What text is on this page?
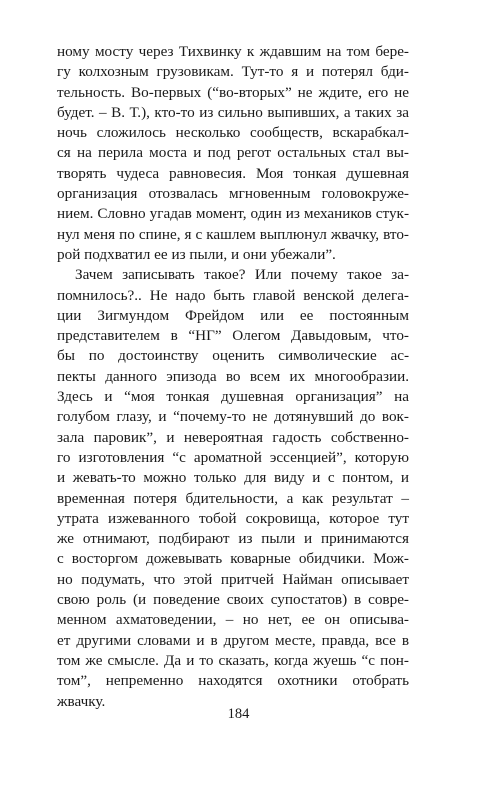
ному мосту через Тихвинку к ждавшим на том бере-
гу колхозным грузовикам. Тут-то я и потерял бди-
тельность. Во-первых (“во-вторых” не ждите, его не
будет. – В. Т.), кто-то из сильно выпивших, а таких за
ночь сложилось несколько сообществ, вскарабкал-
ся на перила моста и под регот остальных стал вы-
творять чудеса равновесия. Моя тонкая душевная
организация отозвалась мгновенным головокруже-
нием. Словно угадав момент, один из механиков стук-
нул меня по спине, я с кашлем выплюнул жвачку, вто-
рой подхватил ее из пыли, и они убежали”.
Зачем записывать такое? Или почему такое за-
помнилось?.. Не надо быть главой венской делега-
ции Зигмундом Фрейдом или ее постоянным
представителем в “НГ” Олегом Давыдовым, что-
бы по достоинству оценить символические ас-
пекты данного эпизода во всем их многообразии.
Здесь и “моя тонкая душевная организация” на
голубом глазу, и “почему-то не дотянувший до вок-
зала паровик”, и невероятная гадость собственно-
го изготовления “с ароматной эссенцией”, которую
и жевать-то можно только для виду и с понтом, и
временная потеря бдительности, а как результат –
утрата изжеванного тобой сокровища, которое тут
же отнимают, подбирают из пыли и принимаются
с восторгом дожевывать коварные обидчики. Мож-
но подумать, что этой притчей Найман описывает
свою роль (и поведение своих супостатов) в совре-
менном ахматоведении, – но нет, ее он описыва-
ет другими словами и в другом месте, правда, все в
том же смысле. Да и то сказать, когда жуешь “с пон-
том”, непременно находятся охотники отобрать
жвачку.
184
